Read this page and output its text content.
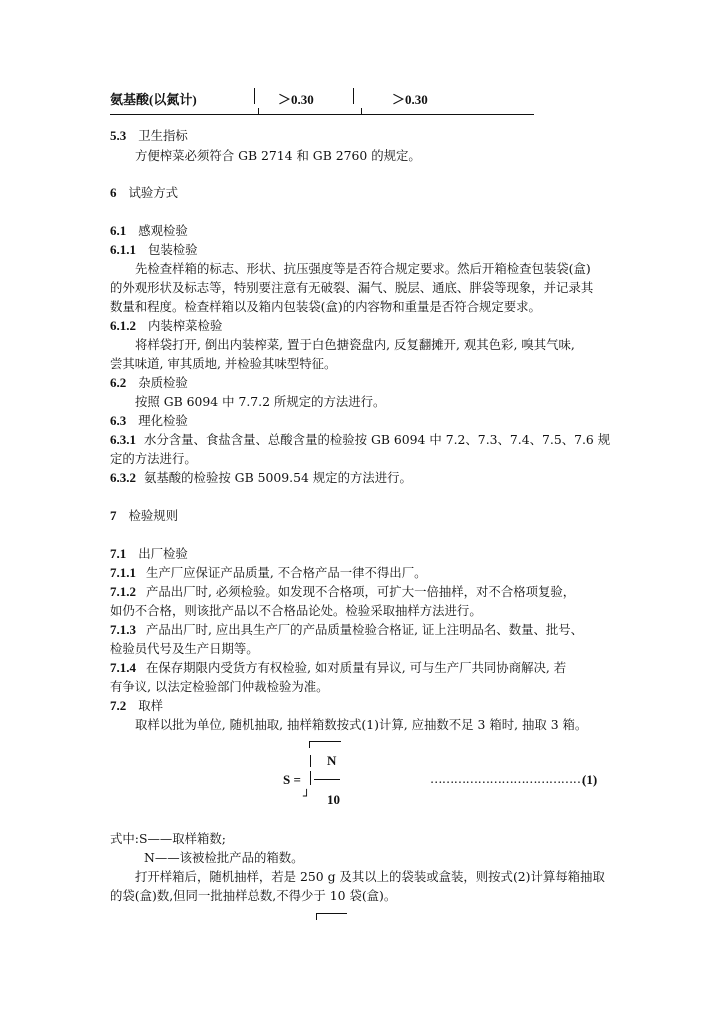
氨基酸(以氮计)	＞0.30	＞0.30
5.3 卫生指标
方便榨菜必须符合 GB 2714 和 GB 2760 的规定。
6 试验方式
6.1 感观检验
6.1.1 包装检验
先检查样箱的标志、形状、抗压强度等是否符合规定要求。然后开箱检查包装袋(盒)
的外观形状及标志等，特别要注意有无破裂、漏气、脱层、通底、胖袋等现象，并记录其
数量和程度。检查样箱以及箱内包装袋(盒)的内容物和重量是否符合规定要求。
6.1.2 内装榨菜检验
将样袋打开, 倒出内装榨菜, 置于白色搪瓷盘内, 反复翻摊开, 观其色彩, 嗅其气味,
尝其味道, 审其质地, 并检验其味型特征。
6.2 杂质检验
按照 GB 6094 中 7.7.2 所规定的方法进行。
6.3 理化检验
6.3.1 水分含量、食盐含量、总酸含量的检验按 GB 6094 中 7.2、7.3、7.4、7.5、7.6 规
定的方法进行。
6.3.2 氨基酸的检验按 GB 5009.54 规定的方法进行。
7 检验规则
7.1 出厂检验
7.1.1 生产厂应保证产品质量, 不合格产品一律不得出厂。
7.1.2 产品出厂时, 必须检验。如发现不合格项，可扩大一倍抽样，对不合格项复验，
如仍不合格，则该批产品以不合格品论处。检验采取抽样方法进行。
7.1.3 产品出厂时, 应出具生产厂的产品质量检验合格证, 证上注明品名、数量、批号、
检验员代号及生产日期等。
7.1.4 在保存期限内受货方有权检验, 如对质量有异议, 可与生产厂共同协商解决, 若
有争议, 以法定检验部门仲裁检验为准。
7.2 取样
取样以批为单位, 随机抽取, 抽样箱数按式(1)计算, 应抽数不足 3 箱时, 抽取 3 箱。
N
S =
┘ 10
…………………………………
(1)
式中:S——取样箱数;
N——该被检批产品的箱数。
打开样箱后，随机抽样，若是 250 g 及其以上的袋装或盒装，则按式(2)计算每箱抽取
的袋(盒)数,但同一批抽样总数,不得少于 10 袋(盒)。
